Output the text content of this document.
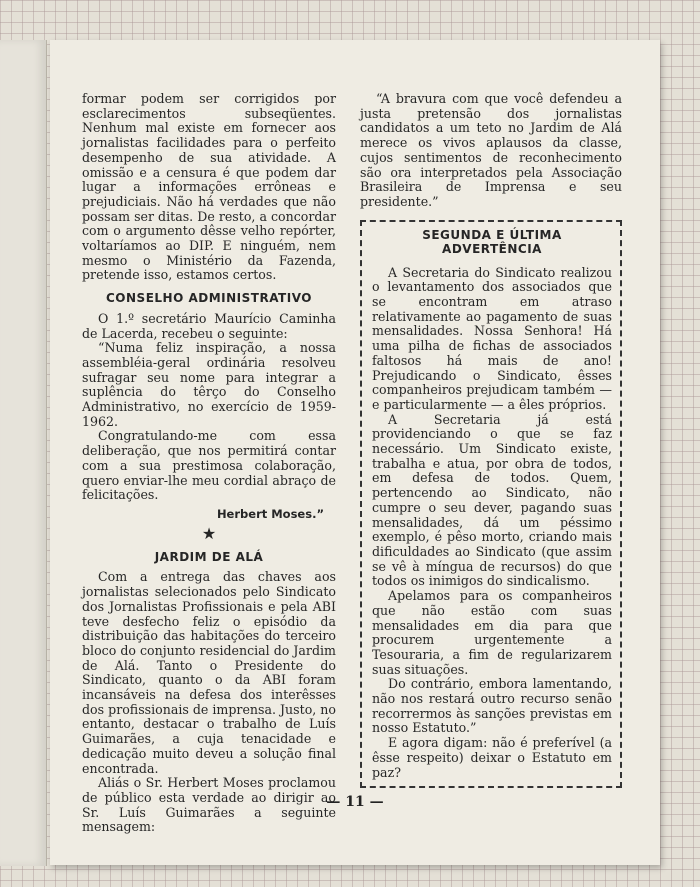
formar podem ser corrigidos por esclarecimentos subseqüentes. Nenhum mal existe em fornecer aos jornalistas facilidades para o perfeito desempenho de sua atividade. A omissão e a censura é que podem dar lugar a informações errôneas e prejudiciais. Não há verdades que não possam ser ditas. De resto, a concordar com o argumento dêsse velho repórter, voltaríamos ao DIP. E ninguém, nem mesmo o Ministério da Fazenda, pretende isso, estamos certos.

CONSELHO ADMINISTRATIVO

O 1.º secretário Maurício Caminha de Lacerda, recebeu o seguinte:

“Numa feliz inspiração, a nossa assembléia-geral ordinária resolveu sufragar seu nome para integrar a suplência do têrço do Conselho Administrativo, no exercício de 1959-1962.

Congratulando-me com essa deliberação, que nos permitirá contar com a sua prestimosa colaboração, quero enviar-lhe meu cordial abraço de felicitações.

Herbert Moses.”
★
JARDIM DE ALÁ

Com a entrega das chaves aos jornalistas selecionados pelo Sindicato dos Jornalistas Profissionais e pela ABI teve desfecho feliz o episódio da distribuição das habitações do terceiro bloco do conjunto residencial do Jardim de Alá. Tanto o Presidente do Sindicato, quanto o da ABI foram incansáveis na defesa dos interêsses dos profissionais de imprensa. Justo, no entanto, destacar o trabalho de Luís Guimarães, a cuja tenacidade e dedicação muito deveu a solução final encontrada.

Aliás o Sr. Herbert Moses proclamou de público esta verdade ao dirigir ao Sr. Luís Guimarães a seguinte mensagem:

“A bravura com que você defendeu a justa pretensão dos jornalistas candidatos a um teto no Jardim de Alá merece os vivos aplausos da classe, cujos sentimentos de reconhecimento são ora interpretados pela Associação Brasileira de Imprensa e seu presidente.”

SEGUNDA E ÚLTIMA
ADVERTÊNCIA

A Secretaria do Sindicato realizou o levantamento dos associados que se encontram em atraso relativamente ao pagamento de suas mensalidades. Nossa Senhora! Há uma pilha de fichas de associados faltosos há mais de ano! Prejudicando o Sindicato, êsses companheiros prejudicam também — e particularmente — a êles próprios.

A Secretaria já está providenciando o que se faz necessário. Um Sindicato existe, trabalha e atua, por obra de todos, em defesa de todos. Quem, pertencendo ao Sindicato, não cumpre o seu dever, pagando suas mensalidades, dá um péssimo exemplo, é pêso morto, criando mais dificuldades ao Sindicato (que assim se vê à míngua de recursos) do que todos os inimigos do sindicalismo.

Apelamos para os companheiros que não estão com suas mensalidades em dia para que procurem urgentemente a Tesouraria, a fim de regularizarem suas situações.

Do contrário, embora lamentando, não nos restará outro recurso senão recorrermos às sanções previstas em nosso Estatuto.”

E agora digam: não é preferível (a êsse respeito) deixar o Estatuto em paz?

— 11 —
